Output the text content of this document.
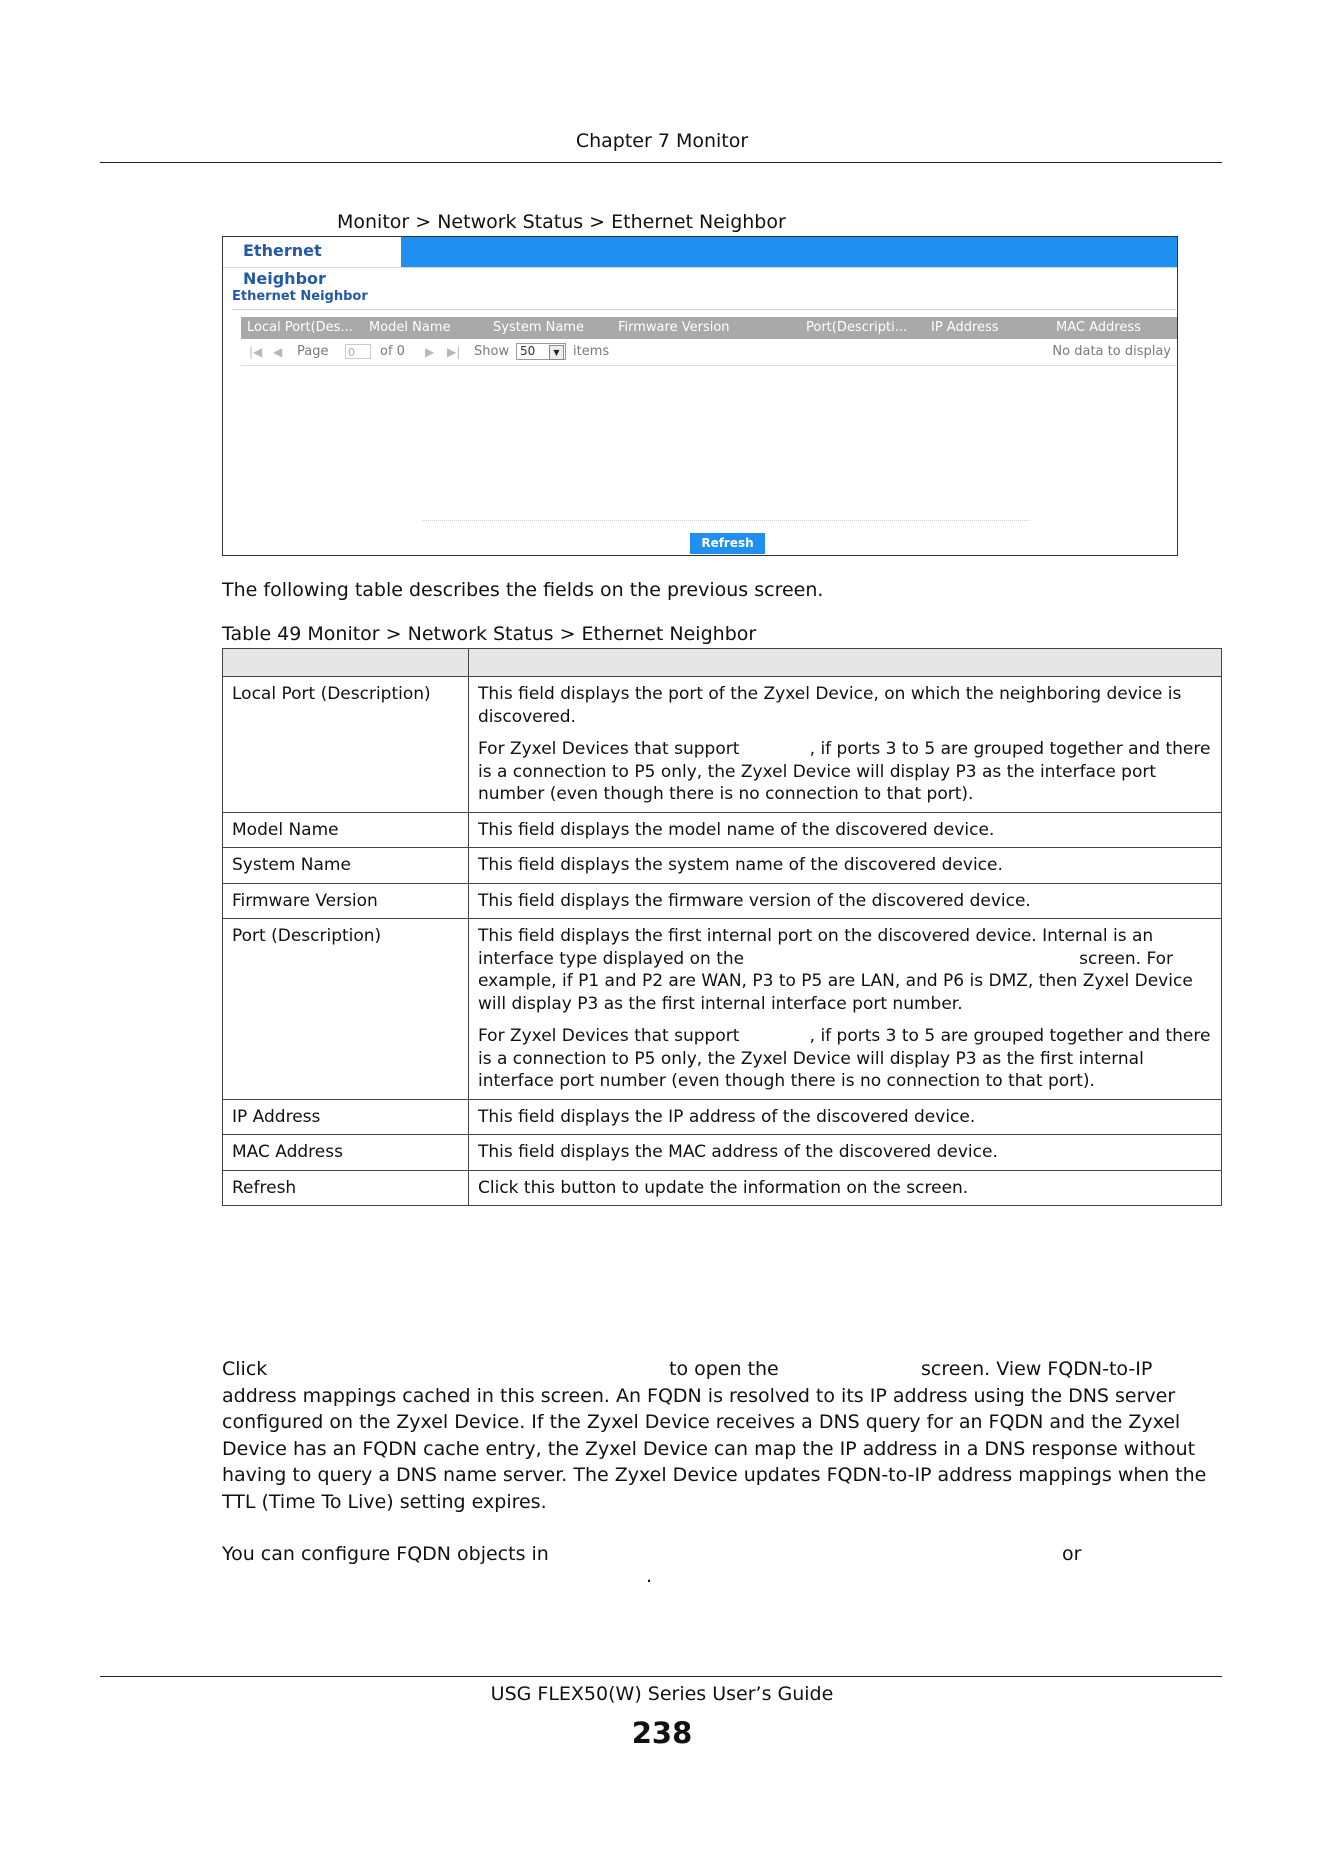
Chapter 7 Monitor
Monitor > Network Status > Ethernet Neighbor
Ethernet Neighbor
Ethernet Neighbor
Local Port(Des... Model Name	System Name	Firmware Version	Port(Descripti... IP Address	MAC Address
|◀ ◀ Page 0	of 0 ▶ ▶| Show 50	▼	items	No data to display
Refresh
The following table describes the fields on the previous screen.
Table 49 Monitor > Network Status > Ethernet Neighbor

Local Port (Description)	This field displays the port of the Zyxel Device, on which the neighboring device is discovered.

For Zyxel Devices that support             , if ports 3 to 5 are grouped together and there is a connection to P5 only, the Zyxel Device will display P3 as the interface port number (even though there is no connection to that port).

Model Name	This field displays the model name of the discovered device.
System Name	This field displays the system name of the discovered device.
Firmware Version	This field displays the firmware version of the discovered device.
Port (Description)	This field displays the first internal port on the discovered device. Internal is an interface type displayed on the                                                              screen. For example, if P1 and P2 are WAN, P3 to P5 are LAN, and P6 is DMZ, then Zyxel Device will display P3 as the first internal interface port number.

For Zyxel Devices that support             , if ports 3 to 5 are grouped together and there is a connection to P5 only, the Zyxel Device will display P3 as the first internal interface port number (even though there is no connection to that port).

IP Address	This field displays the IP address of the discovered device.
MAC Address	This field displays the MAC address of the discovered device.
Refresh	Click this button to update the information on the screen.
Click	to open the	screen. View FQDN-to-IP
address mappings cached in this screen. An FQDN is resolved to its IP address using the DNS server configured on the Zyxel Device. If the Zyxel Device receives a DNS query for an FQDN and the Zyxel Device has an FQDN cache entry, the Zyxel Device can map the IP address in a DNS response without having to query a DNS name server. The Zyxel Device updates FQDN-to-IP address mappings when the TTL (Time To Live) setting expires.
You can configure FQDN objects in	or
.
USG FLEX50(W) Series User’s Guide
238
